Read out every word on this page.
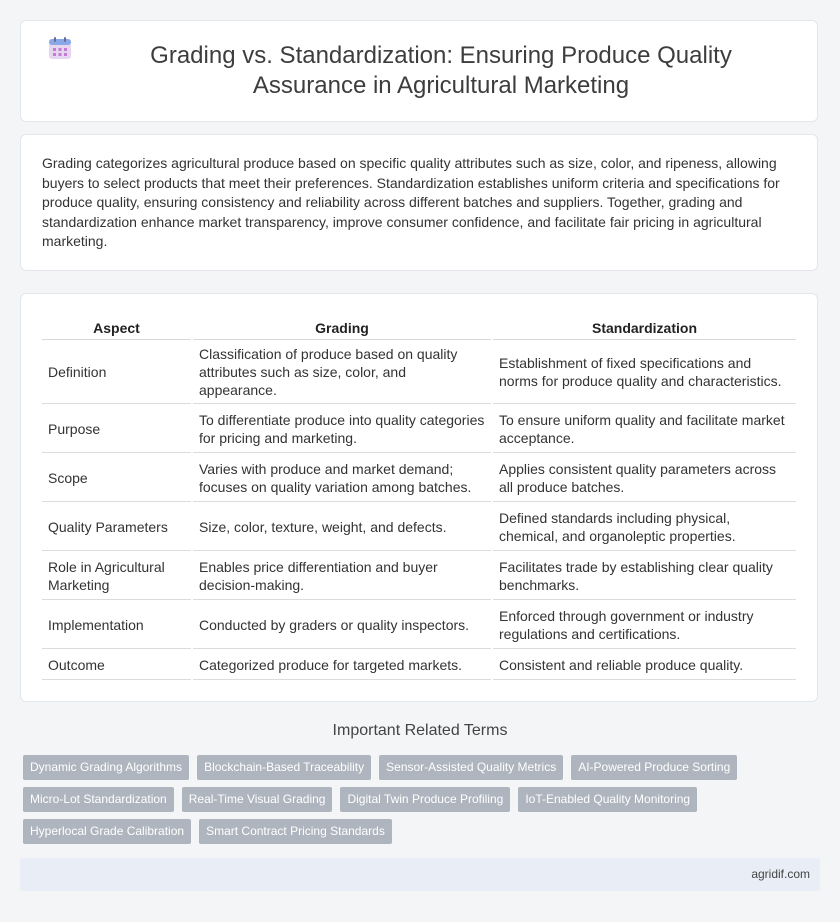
Grading vs. Standardization: Ensuring Produce Quality Assurance in Agricultural Marketing

Grading categorizes agricultural produce based on specific quality attributes such as size, color, and ripeness, allowing buyers to select products that meet their preferences. Standardization establishes uniform criteria and specifications for produce quality, ensuring consistency and reliability across different batches and suppliers. Together, grading and standardization enhance market transparency, improve consumer confidence, and facilitate fair pricing in agricultural marketing.

Aspect	Grading	Standardization
Definition	Classification of produce based on quality attributes such as size, color, and appearance.	Establishment of fixed specifications and norms for produce quality and characteristics.
Purpose	To differentiate produce into quality categories for pricing and marketing.	To ensure uniform quality and facilitate market acceptance.
Scope	Varies with produce and market demand; focuses on quality variation among batches.	Applies consistent quality parameters across all produce batches.
Quality Parameters	Size, color, texture, weight, and defects.	Defined standards including physical, chemical, and organoleptic properties.
Role in Agricultural Marketing	Enables price differentiation and buyer decision-making.	Facilitates trade by establishing clear quality benchmarks.
Implementation	Conducted by graders or quality inspectors.	Enforced through government or industry regulations and certifications.
Outcome	Categorized produce for targeted markets.	Consistent and reliable produce quality.
Important Related Terms
Dynamic Grading Algorithms	Blockchain-Based Traceability	Sensor-Assisted Quality Metrics	AI-Powered Produce Sorting
Micro-Lot Standardization	Real-Time Visual Grading	Digital Twin Produce Profiling	IoT-Enabled Quality Monitoring
Hyperlocal Grade Calibration	Smart Contract Pricing Standards
agridif.com
